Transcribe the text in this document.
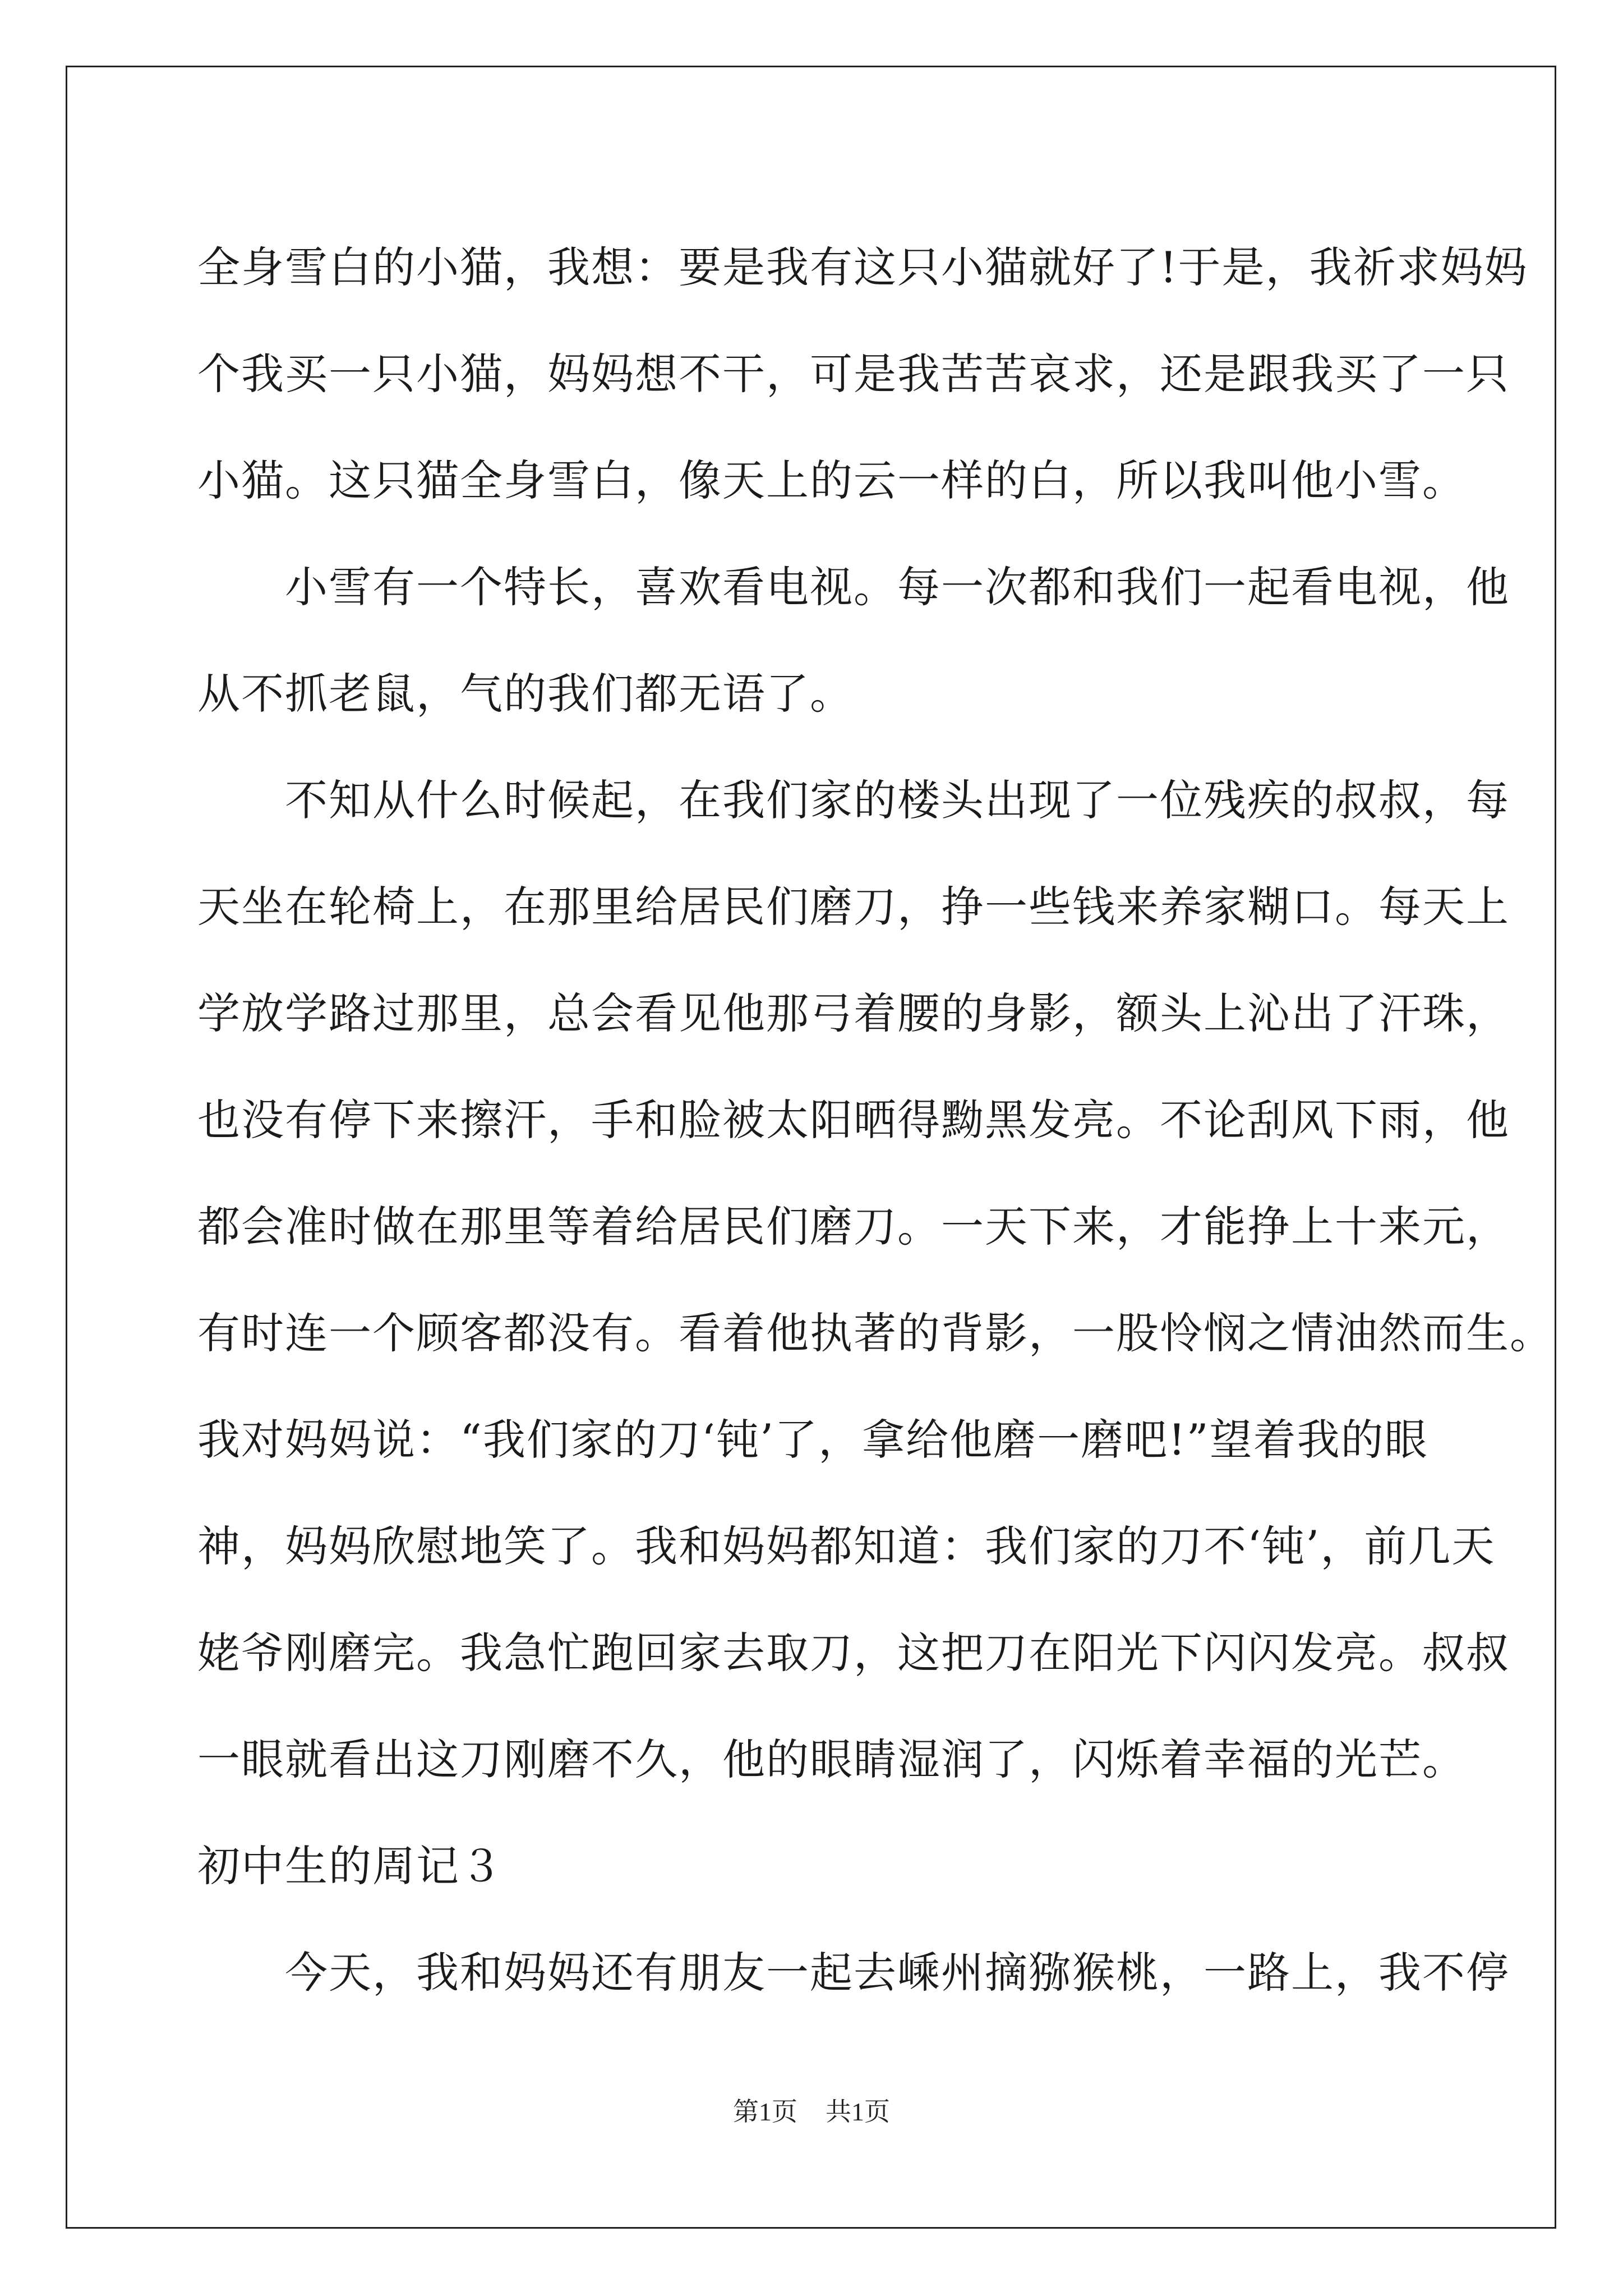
全身雪白的小猫，我想：要是我有这只小猫就好了!于是，我祈求妈妈
个我买一只小猫，妈妈想不干，可是我苦苦哀求，还是跟我买了一只
小猫。这只猫全身雪白，像天上的云一样的白，所以我叫他小雪。
　　小雪有一个特长，喜欢看电视。每一次都和我们一起看电视，他
从不抓老鼠，气的我们都无语了。
　　不知从什么时候起，在我们家的楼头出现了一位残疾的叔叔，每
天坐在轮椅上，在那里给居民们磨刀，挣一些钱来养家糊口。每天上
学放学路过那里，总会看见他那弓着腰的身影，额头上沁出了汗珠，
也没有停下来擦汗，手和脸被太阳晒得黝黑发亮。不论刮风下雨，他
都会准时做在那里等着给居民们磨刀。一天下来，才能挣上十来元，
有时连一个顾客都没有。看着他执著的背影，一股怜悯之情油然而生。
我对妈妈说：“我们家的刀‘钝’了，拿给他磨一磨吧!”望着我的眼
神，妈妈欣慰地笑了。我和妈妈都知道：我们家的刀不‘钝’，前几天
姥爷刚磨完。我急忙跑回家去取刀，这把刀在阳光下闪闪发亮。叔叔
一眼就看出这刀刚磨不久，他的眼睛湿润了，闪烁着幸福的光芒。
初中生的周记３
　　今天，我和妈妈还有朋友一起去嵊州摘猕猴桃，一路上，我不停
第1页 共1页
